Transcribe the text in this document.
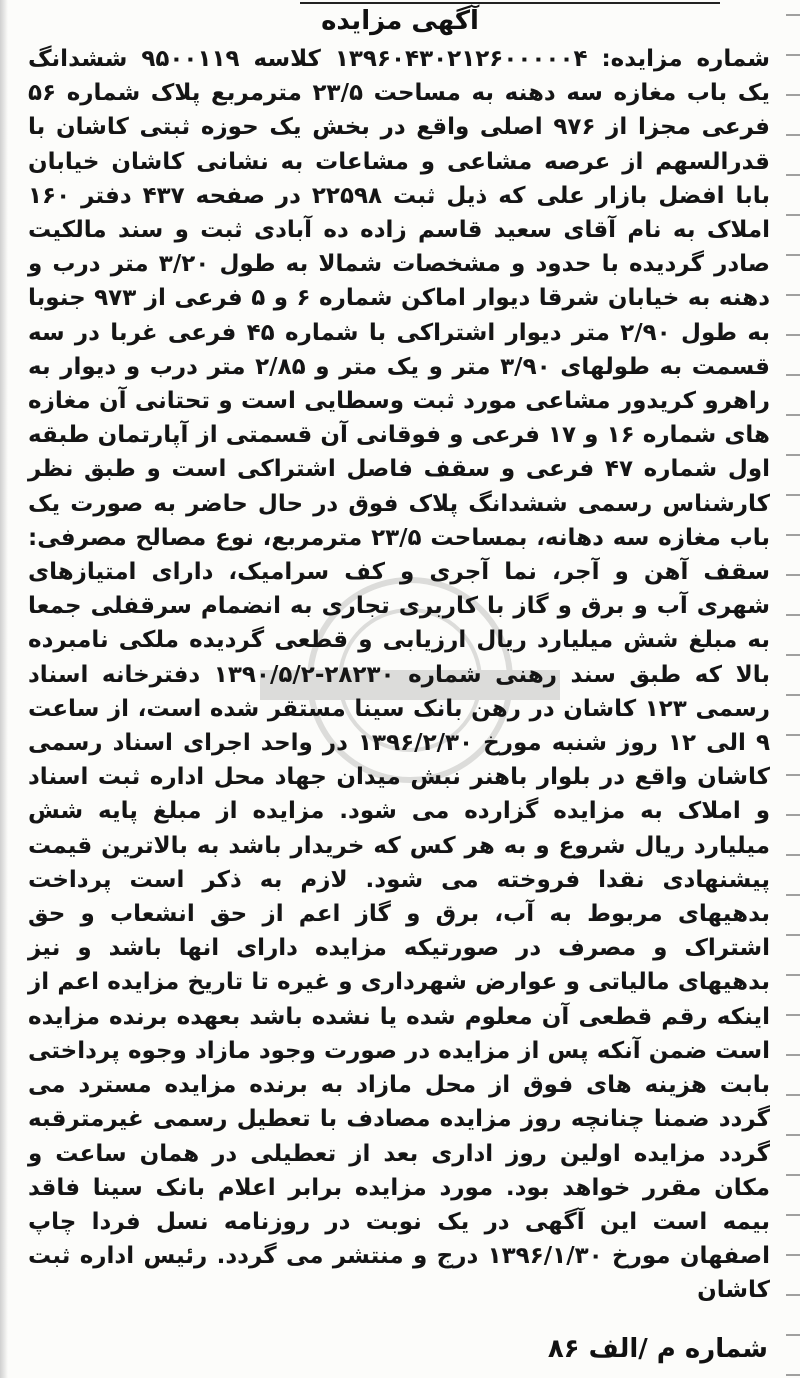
آگهی مزایده
شماره مزایده: ۱۳۹۶۰۴۳۰۲۱۲۶۰۰۰۰۰۴ کلاسه ۹۵۰۰۱۱۹ ششدانگ یک باب مغازه سه دهنه به مساحت ۲۳/۵ مترمربع پلاک شماره ۵۶ فرعی مجزا از ۹۷۶ اصلی واقع در بخش یک حوزه ثبتی کاشان با قدرالسهم از عرصه مشاعی و مشاعات به نشانی کاشان خیابان بابا افضل بازار علی که ذیل ثبت ۲۲۵۹۸ در صفحه ۴۳۷ دفتر ۱۶۰ املاک به نام آقای سعید قاسم زاده ده آبادی ثبت و سند مالکیت صادر گردیده با حدود و مشخصات شمالا به طول ۳/۲۰ متر درب و دهنه به خیابان شرقا دیوار اماکن شماره ۶ و ۵ فرعی از ۹۷۳ جنوبا به طول ۲/۹۰ متر دیوار اشتراکی با شماره ۴۵ فرعی غربا در سه قسمت به طولهای ۳/۹۰ متر و یک متر و ۲/۸۵ متر درب و دیوار به راهرو کریدور مشاعی مورد ثبت وسطایی است و تحتانی آن مغازه های شماره ۱۶ و ۱۷ فرعی و فوقانی آن قسمتی از آپارتمان طبقه اول شماره ۴۷ فرعی و سقف فاصل اشتراکی است و طبق نظر کارشناس رسمی ششدانگ پلاک فوق در حال حاضر به صورت یک باب مغازه سه دهانه، بمساحت ۲۳/۵ مترمربع، نوع مصالح مصرفی: سقف آهن و آجر، نما آجری و کف سرامیک، دارای امتیازهای شهری آب و برق و گاز با کاربری تجاری به انضمام سرقفلی جمعا به مبلغ شش میلیارد ریال ارزیابی و قطعی گردیده ملکی نامبرده بالا که طبق سند رهنی شماره ۲۸۲۳۰-۱۳۹۰/۵/۲ دفترخانه اسناد رسمی ۱۲۳ کاشان در رهن بانک سینا مستقر شده است، از ساعت ۹ الی ۱۲ روز شنبه مورخ ۱۳۹۶/۲/۳۰ در واحد اجرای اسناد رسمی کاشان واقع در بلوار باهنر نبش میدان جهاد محل اداره ثبت اسناد و املاک به مزایده گزارده می شود. مزایده از مبلغ پایه شش میلیارد ریال شروع و به هر کس که خریدار باشد به بالاترین قیمت پیشنهادی نقدا فروخته می شود. لازم به ذکر است پرداخت بدهیهای مربوط به آب، برق و گاز اعم از حق انشعاب و حق اشتراک و مصرف در صورتیکه مزایده دارای انها باشد و نیز بدهیهای مالیاتی و عوارض شهرداری و غیره تا تاریخ مزایده اعم از اینکه رقم قطعی آن معلوم شده یا نشده باشد بعهده برنده مزایده است ضمن آنکه پس از مزایده در صورت وجود مازاد وجوه پرداختی بابت هزینه های فوق از محل مازاد به برنده مزایده مسترد می گردد ضمنا چنانچه روز مزایده مصادف با تعطیل رسمی غیرمترقبه گردد مزایده اولین روز اداری بعد از تعطیلی در همان ساعت و مکان مقرر خواهد بود. مورد مزایده برابر اعلام بانک سینا فاقد بیمه است این آگهی در یک نوبت در روزنامه نسل فردا چاپ اصفهان مورخ ۱۳۹۶/۱/۳۰ درج و منتشر می گردد. رئیس اداره ثبت کاشان
شماره م /الف ۸۶
